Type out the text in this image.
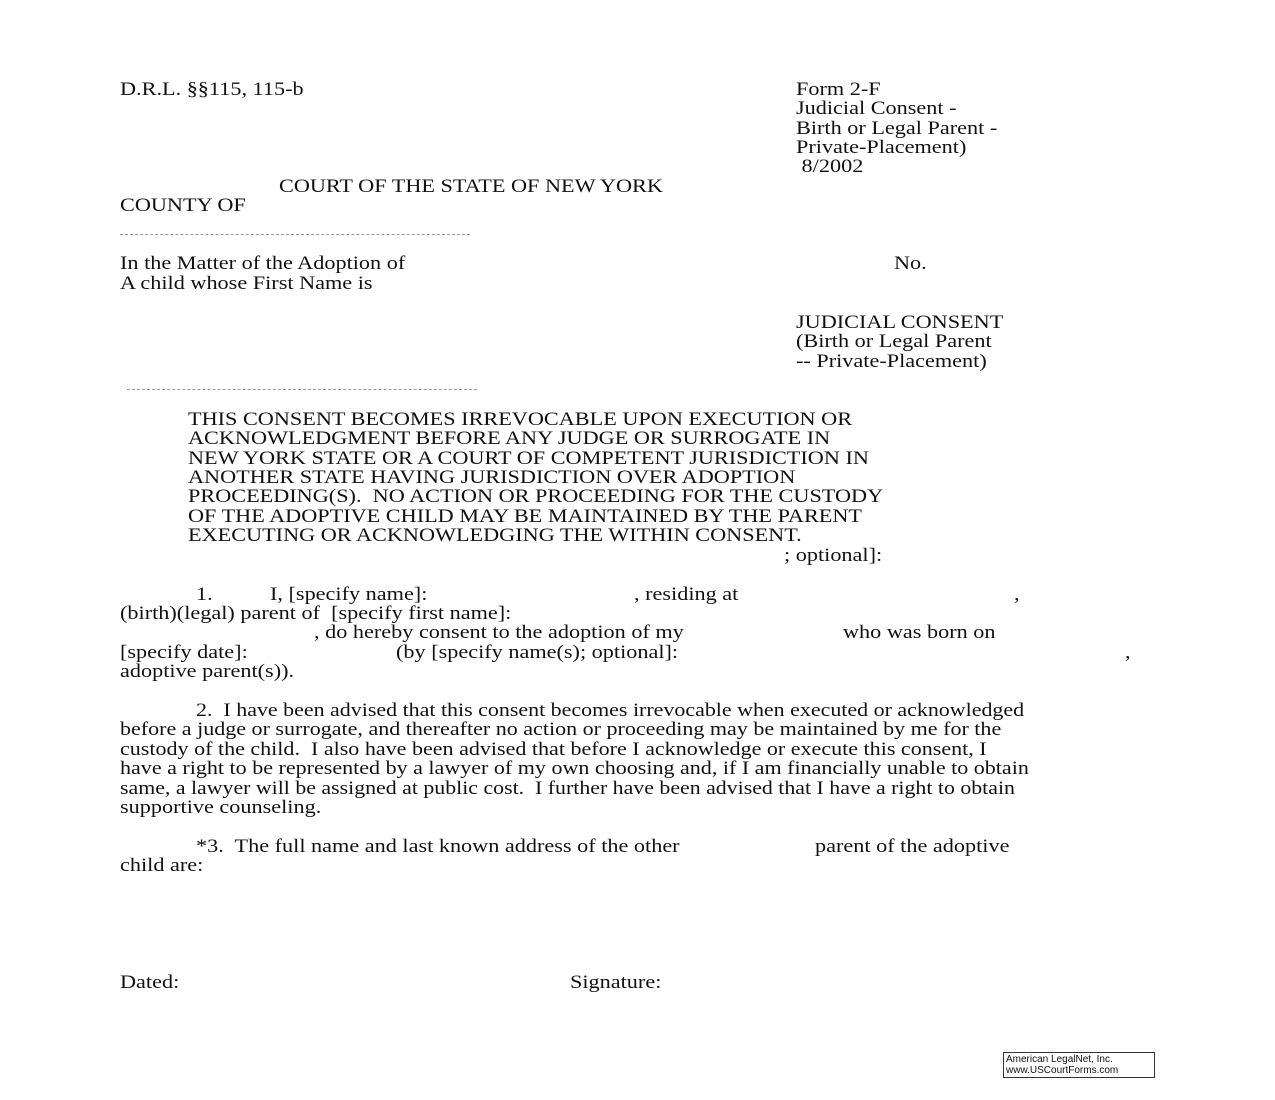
D.R.L. §§115, 115-b	Form 2-F
Judicial Consent -
Birth or Legal Parent -
Private-Placement)
8/2002
COURT OF THE STATE OF NEW YORK
COUNTY OF
In the Matter of the Adoption of
A child whose First Name is
No.
JUDICIAL CONSENT
(Birth or Legal Parent
-- Private-Placement)
THIS CONSENT BECOMES IRREVOCABLE UPON EXECUTION OR
ACKNOWLEDGMENT BEFORE ANY JUDGE OR SURROGATE IN
NEW YORK STATE OR A COURT OF COMPETENT JURISDICTION IN
ANOTHER STATE HAVING JURISDICTION OVER ADOPTION
PROCEEDING(S).  NO ACTION OR PROCEEDING FOR THE CUSTODY
OF THE ADOPTIVE CHILD MAY BE MAINTAINED BY THE PARENT
EXECUTING OR ACKNOWLEDGING THE WITHIN CONSENT.
; optional]:
1.	I, [specify name]:	, residing at	,
(birth)(legal) parent of  [specify first name]:
, do hereby consent to the adoption of my	who was born on
[specify date]:	(by [specify name(s); optional]:	,
adoptive parent(s)).
2.  I have been advised that this consent becomes irrevocable when executed or acknowledged
before a judge or surrogate, and thereafter no action or proceeding may be maintained by me for the
custody of the child.  I also have been advised that before I acknowledge or execute this consent, I
have a right to be represented by a lawyer of my own choosing and, if I am financially unable to obtain
same, a lawyer will be assigned at public cost.  I further have been advised that I have a right to obtain
supportive counseling.
*3.  The full name and last known address of the other	parent of the adoptive
child are:
Dated:	Signature:
American LegalNet, Inc.
www.USCourtForms.com
